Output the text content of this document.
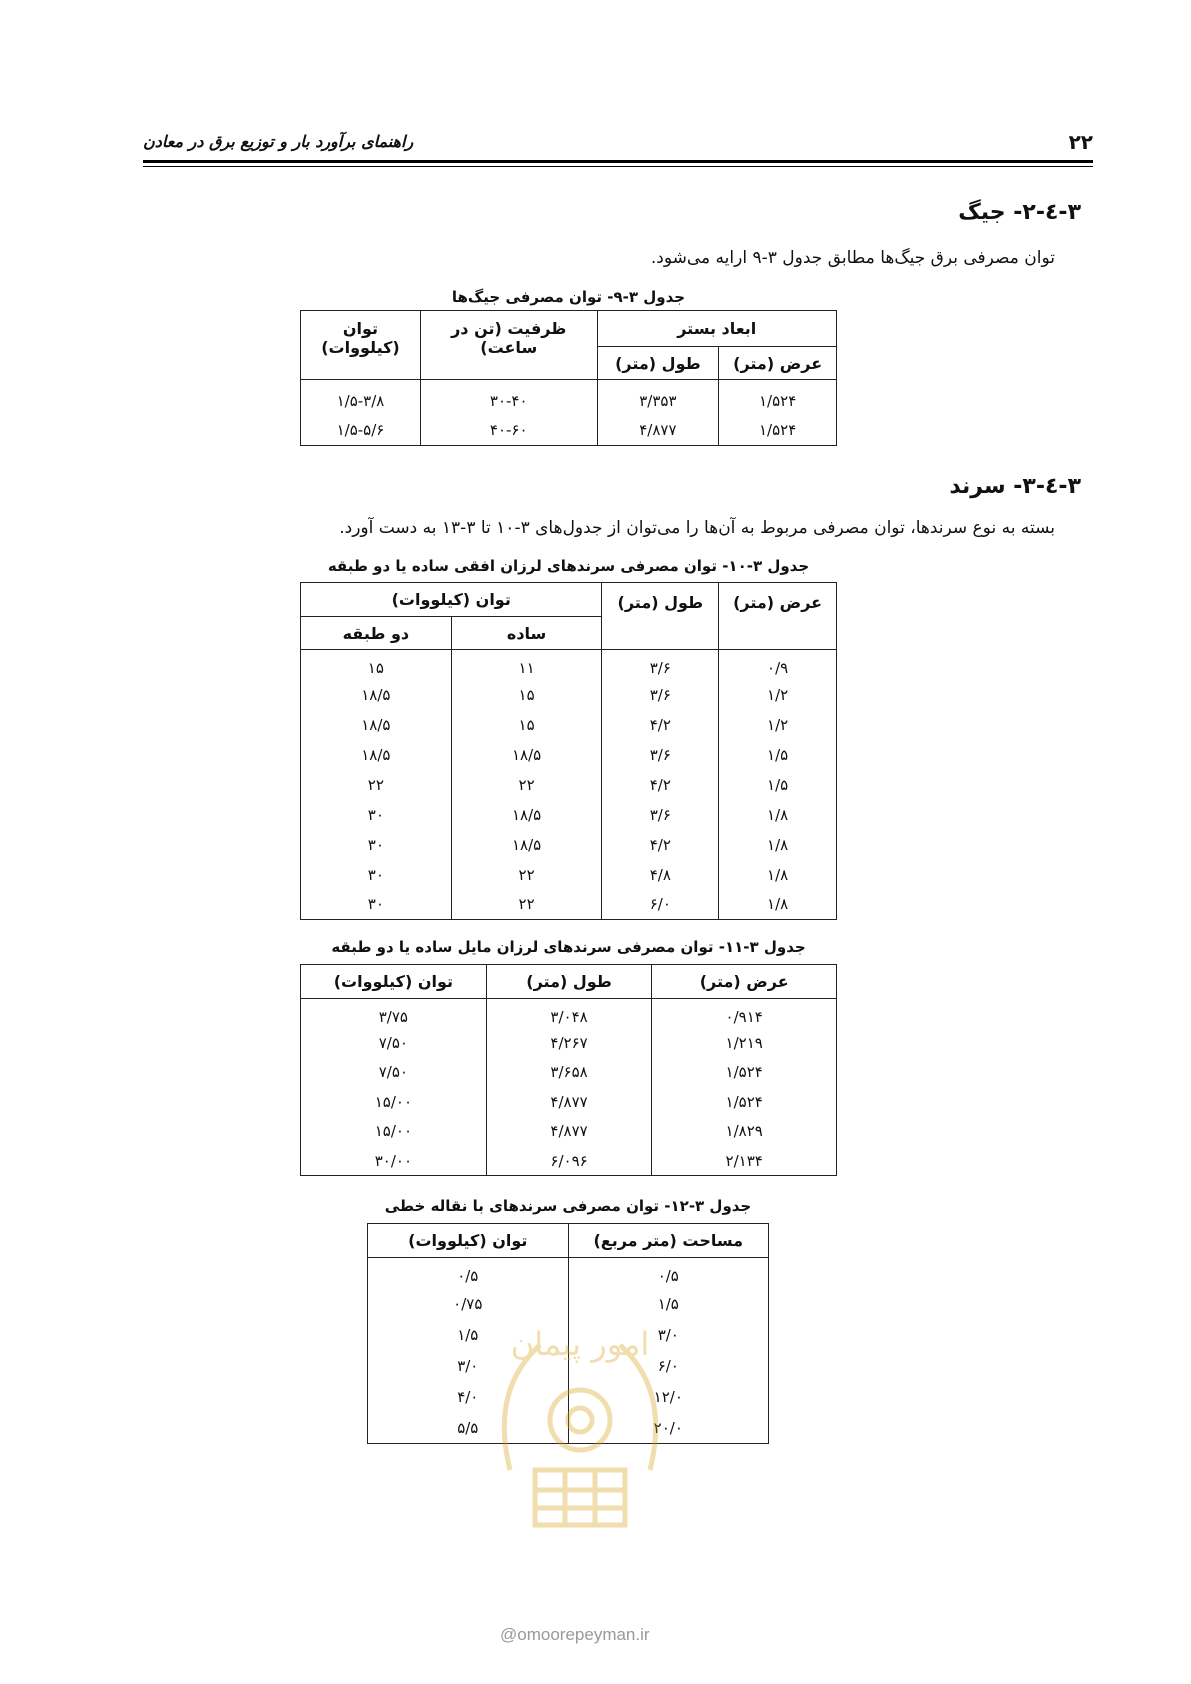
۲۲
راهنمای برآورد بار و توزیع برق در معادن
۳-٤-۲- جیگ
توان مصرفی برق جیگ‌ها مطابق جدول ۳-۹ ارایه می‌شود.
جدول ۳-۹- توان مصرفی جیگ‌ها
ابعاد بستر		ظرفیت (تن در ساعت)	توان (کیلووات)
عرض (متر)	طول (متر)		
۱/۵۲۴	۳/۳۵۳	۳۰-۴۰	۱/۵-۳/۸
۱/۵۲۴	۴/۸۷۷	۴۰-۶۰	۱/۵-۵/۶
۳-٤-۳- سرند
بسته به نوع سرندها، توان مصرفی مربوط به آن‌ها را می‌توان از جدول‌های ۳-۱۰ تا ۳-۱۳ به دست آورد.
جدول ۳-۱۰- توان مصرفی سرندهای لرزان افقی ساده یا دو طبقه
عرض (متر)	طول (متر)	توان (کیلووات)	
		ساده	دو طبقه
۰/۹	۳/۶	۱۱	۱۵
۱/۲	۳/۶	۱۵	۱۸/۵
۱/۲	۴/۲	۱۵	۱۸/۵
۱/۵	۳/۶	۱۸/۵	۱۸/۵
۱/۵	۴/۲	۲۲	۲۲
۱/۸	۳/۶	۱۸/۵	۳۰
۱/۸	۴/۲	۱۸/۵	۳۰
۱/۸	۴/۸	۲۲	۳۰
۱/۸	۶/۰	۲۲	۳۰
جدول ۳-۱۱- توان مصرفی سرندهای لرزان مایل ساده یا دو طبقه
عرض (متر)	طول (متر)	توان (کیلووات)
۰/۹۱۴	۳/۰۴۸	۳/۷۵
۱/۲۱۹	۴/۲۶۷	۷/۵۰
۱/۵۲۴	۳/۶۵۸	۷/۵۰
۱/۵۲۴	۴/۸۷۷	۱۵/۰۰
۱/۸۲۹	۴/۸۷۷	۱۵/۰۰
۲/۱۳۴	۶/۰۹۶	۳۰/۰۰
جدول ۳-۱۲- توان مصرفی سرندهای با نقاله خطی
مساحت (متر مربع)	توان (کیلووات)
۰/۵	۰/۵
۱/۵	۰/۷۵
۳/۰	۱/۵
۶/۰	۳/۰
۱۲/۰	۴/۰
۲۰/۰	۵/۵
امور پیمان
@omoorepeyman.ir
